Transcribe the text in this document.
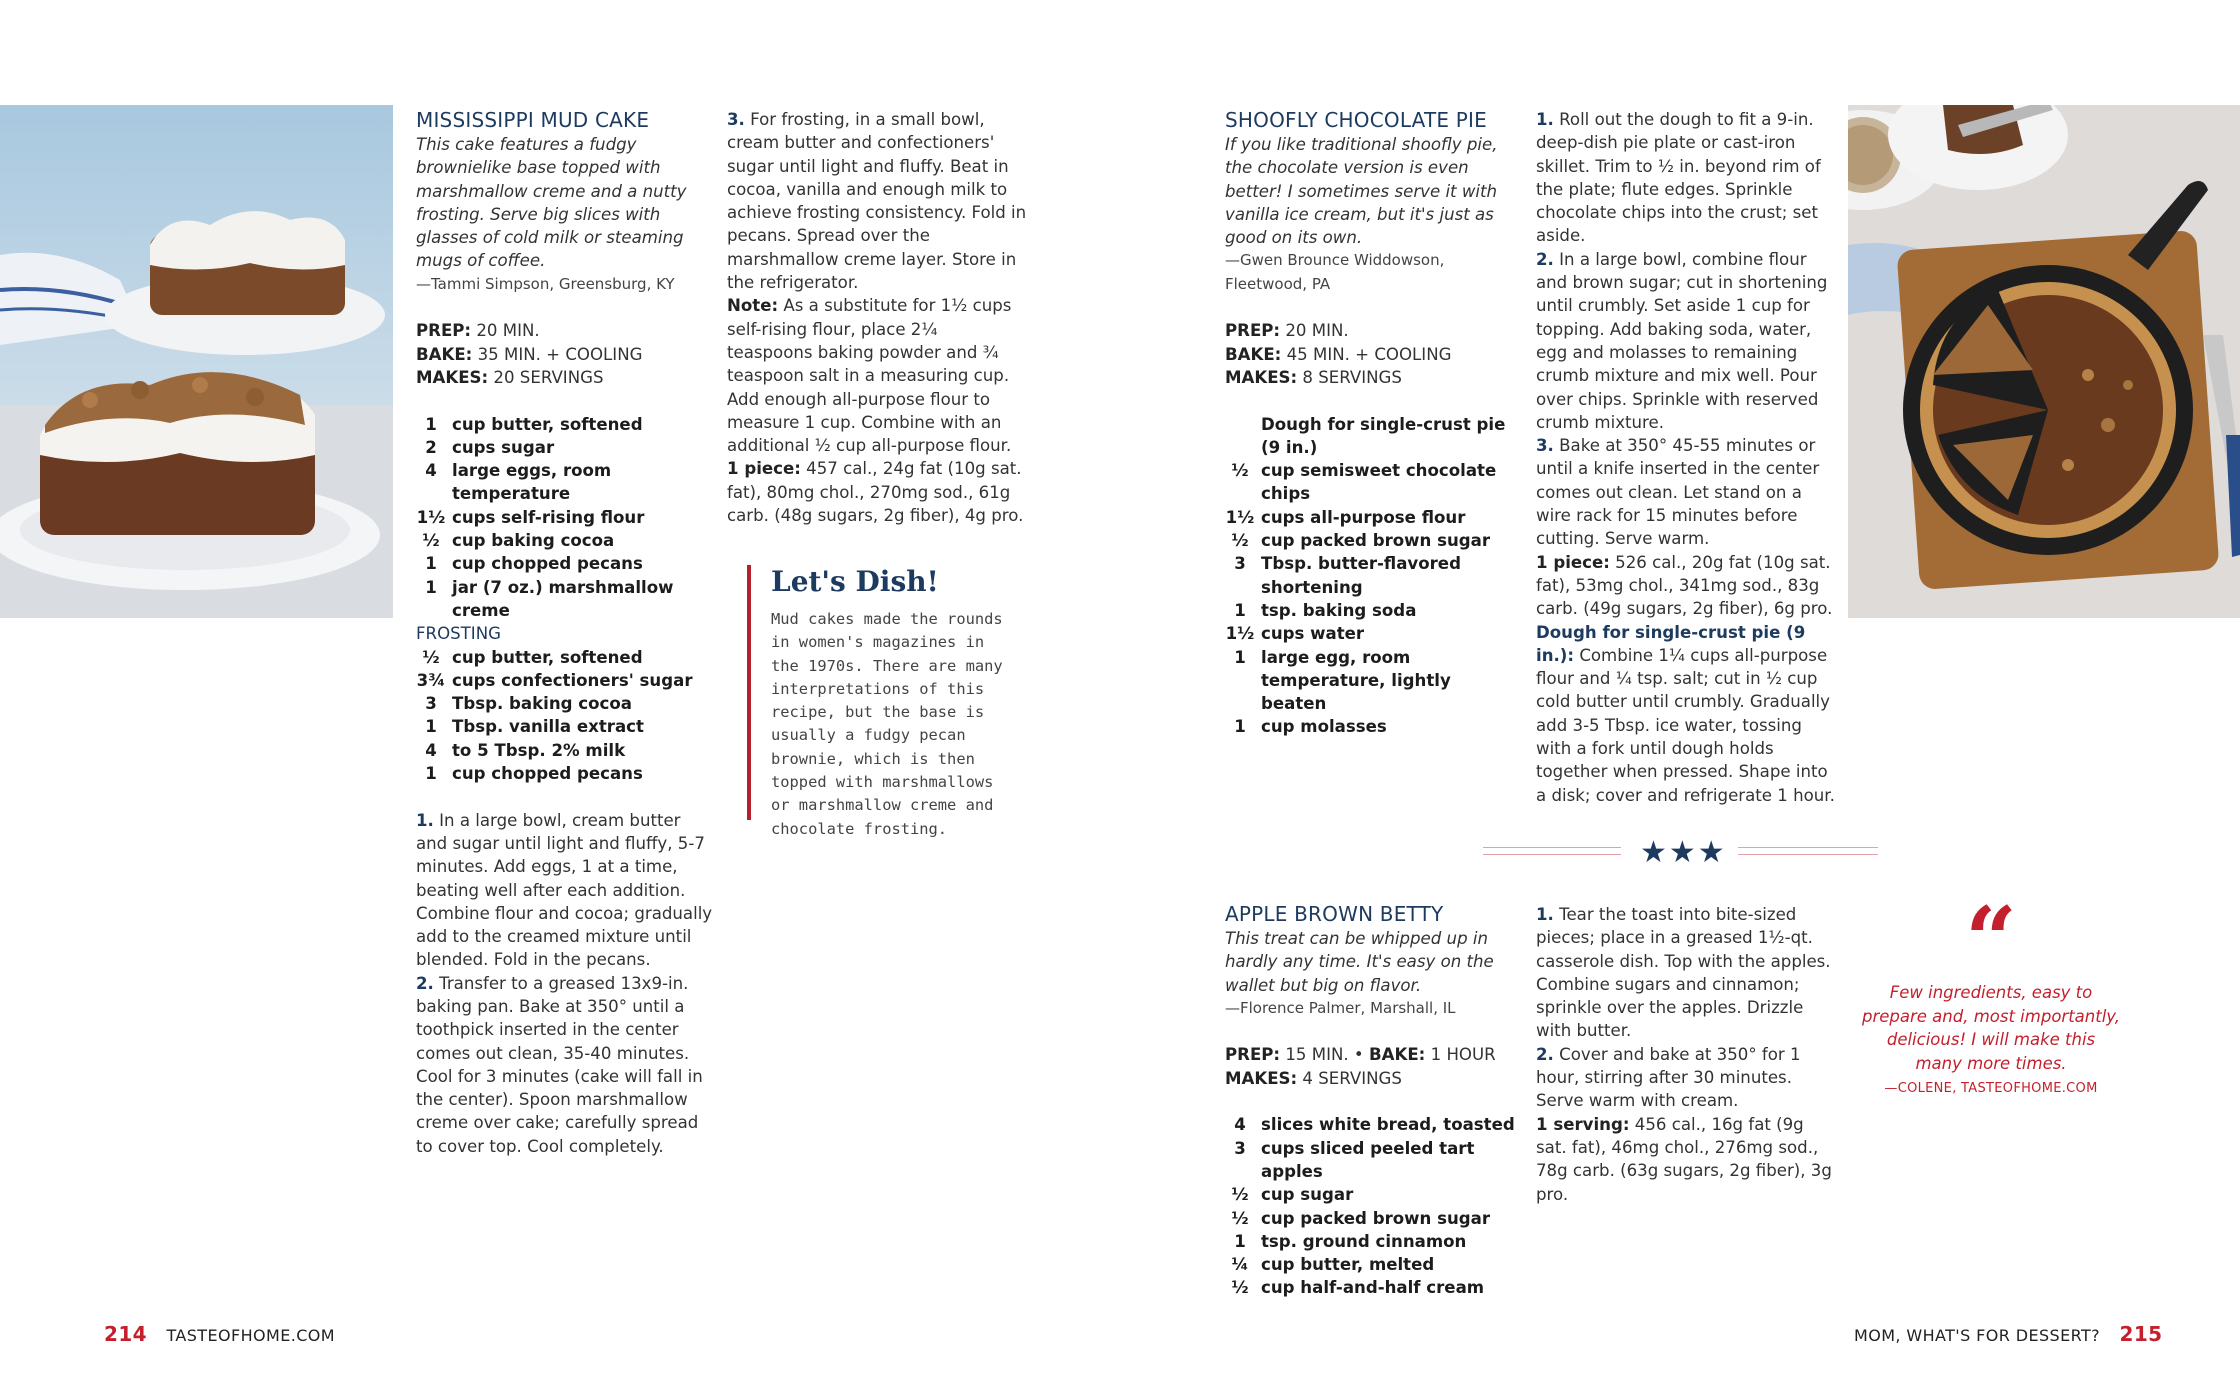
MISSISSIPPI MUD CAKE

This cake features a fudgy brownielike base topped with marshmallow creme and a nutty frosting. Serve big slices with glasses of cold milk or steaming mugs of coffee.

—Tammi Simpson, Greensburg, KY

PREP: 20 MIN.

BAKE: 35 MIN. + COOLING

MAKES: 20 SERVINGS

1 cup butter, softened
2 cups sugar
4 large eggs, room temperature
1½ cups self-rising flour
½ cup baking cocoa
1 cup chopped pecans
1 jar (7 oz.) marshmallow creme
FROSTING
½ cup butter, softened
3¾ cups confectioners' sugar
3 Tbsp. baking cocoa
1 Tbsp. vanilla extract
4 to 5 Tbsp. 2% milk
1 cup chopped pecans

1. In a large bowl, cream butter and sugar until light and fluffy, 5-7 minutes. Add eggs, 1 at a time, beating well after each addition. Combine flour and cocoa; gradually add to the creamed mixture until blended. Fold in the pecans.

2. Transfer to a greased 13x9-in. baking pan. Bake at 350° until a toothpick inserted in the center comes out clean, 35-40 minutes. Cool for 3 minutes (cake will fall in the center). Spoon marshmallow creme over cake; carefully spread to cover top. Cool completely.

3. For frosting, in a small bowl, cream butter and confectioners' sugar until light and fluffy. Beat in cocoa, vanilla and enough milk to achieve frosting consistency. Fold in pecans. Spread over the marshmallow creme layer. Store in the refrigerator.

Note: As a substitute for 1½ cups self-rising flour, place 2¼ teaspoons baking powder and ¾ teaspoon salt in a measuring cup. Add enough all-purpose flour to measure 1 cup. Combine with an additional ½ cup all-purpose flour.

1 piece: 457 cal., 24g fat (10g sat. fat), 80mg chol., 270mg sod., 61g carb. (48g sugars, 2g fiber), 4g pro.

Let's Dish!

Mud cakes made the rounds in women's magazines in the 1970s. There are many interpretations of this recipe, but the base is usually a fudgy pecan brownie, which is then topped with marshmallows or marshmallow creme and chocolate frosting.

214 TASTEOFHOME.COM
SHOOFLY CHOCOLATE PIE

If you like traditional shoofly pie, the chocolate version is even better! I sometimes serve it with vanilla ice cream, but it's just as good on its own.

—Gwen Brounce Widdowson, Fleetwood, PA

PREP: 20 MIN.

BAKE: 45 MIN. + COOLING

MAKES: 8 SERVINGS

Dough for single-crust pie (9 in.)
½ cup semisweet chocolate chips
1½ cups all-purpose flour
½ cup packed brown sugar
3 Tbsp. butter-flavored shortening
1 tsp. baking soda
1½ cups water
1 large egg, room temperature, lightly beaten
1 cup molasses

1. Roll out the dough to fit a 9-in. deep-dish pie plate or cast-iron skillet. Trim to ½ in. beyond rim of the plate; flute edges. Sprinkle chocolate chips into the crust; set aside.

2. In a large bowl, combine flour and brown sugar; cut in shortening until crumbly. Set aside 1 cup for topping. Add baking soda, water, egg and molasses to remaining crumb mixture and mix well. Pour over chips. Sprinkle with reserved crumb mixture.

3. Bake at 350° 45-55 minutes or until a knife inserted in the center comes out clean. Let stand on a wire rack for 15 minutes before cutting. Serve warm.

1 piece: 526 cal., 20g fat (10g sat. fat), 53mg chol., 341mg sod., 83g carb. (49g sugars, 2g fiber), 6g pro.

Dough for single-crust pie (9 in.): Combine 1¼ cups all-purpose flour and ¼ tsp. salt; cut in ½ cup cold butter until crumbly. Gradually add 3-5 Tbsp. ice water, tossing with a fork until dough holds together when pressed. Shape into a disk; cover and refrigerate 1 hour.

★★★
APPLE BROWN BETTY

This treat can be whipped up in hardly any time. It's easy on the wallet but big on flavor.

—Florence Palmer, Marshall, IL

PREP: 15 MIN. • BAKE: 1 HOUR

MAKES: 4 SERVINGS

4 slices white bread, toasted
3 cups sliced peeled tart apples
½ cup sugar
½ cup packed brown sugar
1 tsp. ground cinnamon
¼ cup butter, melted
½ cup half-and-half cream

1. Tear the toast into bite-sized pieces; place in a greased 1½-qt. casserole dish. Top with the apples. Combine sugars and cinnamon; sprinkle over the apples. Drizzle with butter.

2. Cover and bake at 350° for 1 hour, stirring after 30 minutes. Serve warm with cream.

1 serving: 456 cal., 16g fat (9g sat. fat), 46mg chol., 276mg sod., 78g carb. (63g sugars, 2g fiber), 3g pro.

“
Few ingredients, easy to prepare and, most importantly, delicious! I will make this many more times.
—COLENE, TASTEOFHOME.COM
MOM, WHAT'S FOR DESSERT? 215
